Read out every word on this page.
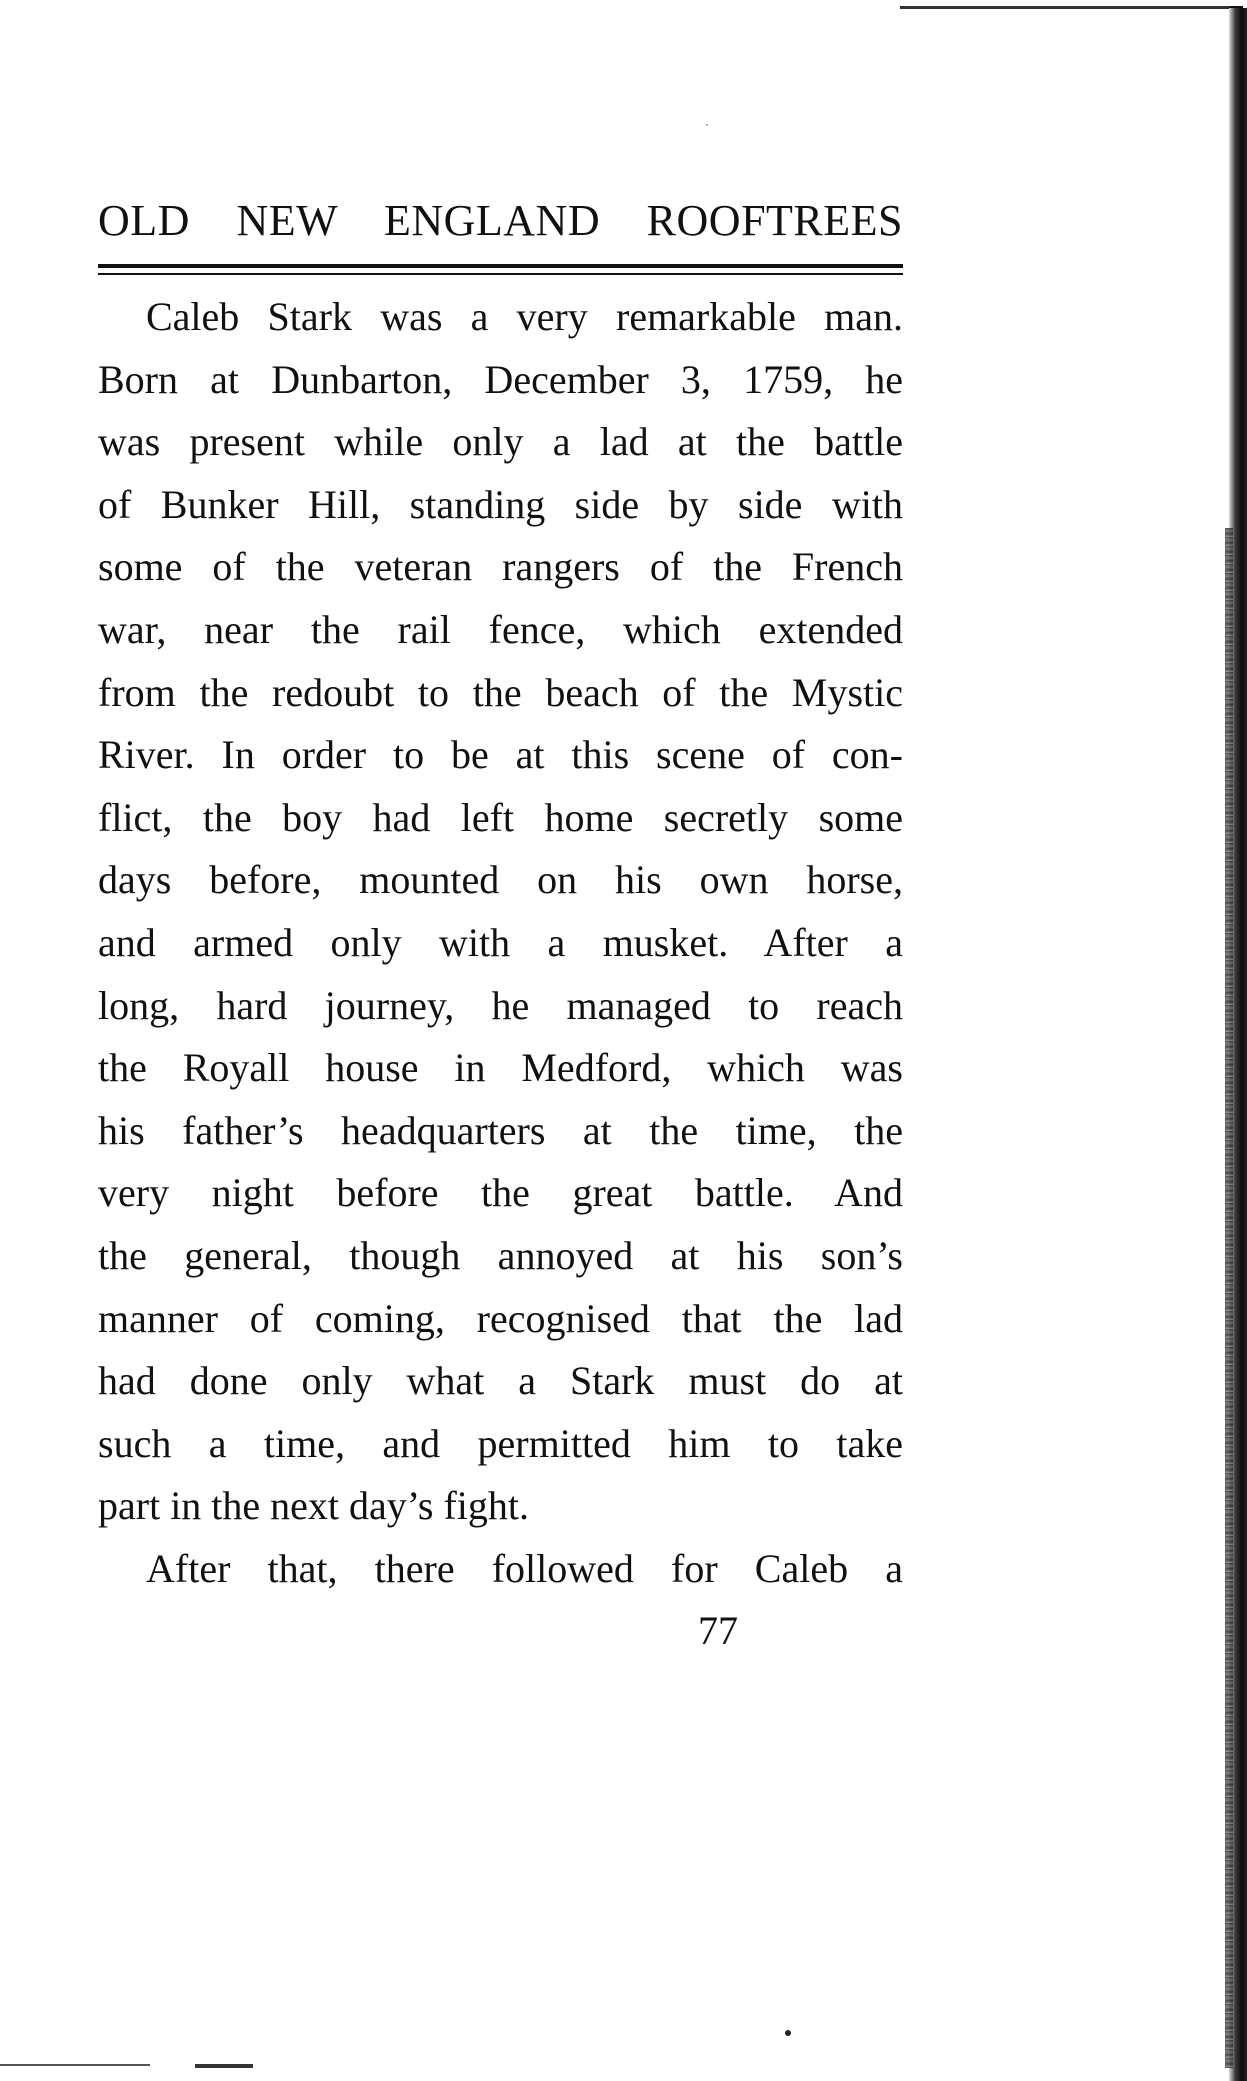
OLD NEW ENGLAND ROOFTREES
Caleb Stark was a very remarkable man.
Born at Dunbarton, December 3, 1759, he
was present while only a lad at the battle
of Bunker Hill, standing side by side with
some of the veteran rangers of the French
war, near the rail fence, which extended
from the redoubt to the beach of the Mystic
River. In order to be at this scene of con-
flict, the boy had left home secretly some
days before, mounted on his own horse,
and armed only with a musket. After a
long, hard journey, he managed to reach
the Royall house in Medford, which was
his father’s headquarters at the time, the
very night before the great battle. And
the general, though annoyed at his son’s
manner of coming, recognised that the lad
had done only what a Stark must do at
such a time, and permitted him to take
part in the next day’s fight.
After that, there followed for Caleb a
77
